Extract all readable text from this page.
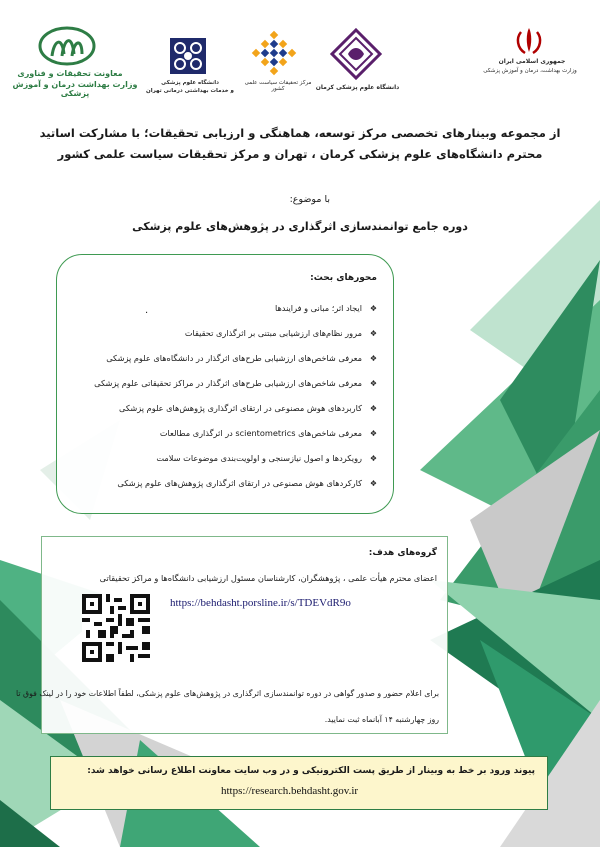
معاونت تحقیقات و فناوری
وزارت بهداشت درمان و آموزش پزشکی
دانشگاه علوم پزشکی
و خدمات بهداشتی درمانی تهران
مرکز تحقیقات سیاست علمی کشور	دانشگاه علوم پزشکی کرمان
جمهوری اسلامی ایران
وزارت بهداشت، درمان و آموزش پزشکی
از مجموعه وبینارهای تخصصی مرکز توسعه، هماهنگی و ارزیابی تحقیقات؛ با مشارکت اساتید
محترم دانشگاه‌های علوم پزشکی کرمان ، تهران و مرکز تحقیقات سیاست علمی کشور
با موضوع:
دوره جامع توانمندسازی اثرگذاری در پژوهش‌های علوم پزشکی
محورهای بحث:
.	❖
ایجاد اثر؛ مبانی و فرایندها
❖
مرور نظام‌های ارزشیابی مبتنی بر اثرگذاری تحقیقات
❖
معرفی شاخص‌های ارزشیابی طرح‌های اثرگذار در دانشگاه‌های علوم پزشکی
❖
معرفی شاخص‌های ارزشیابی طرح‌های اثرگذار در مراکز تحقیقاتی علوم پزشکی
❖
کاربردهای هوش مصنوعی در ارتقای اثرگذاری پژوهش‌های علوم پزشکی
❖
معرفی شاخص‌های scientometrics در اثرگذاری مطالعات
❖
رویکردها و اصول نیازسنجی و اولویت‌بندی موضوعات سلامت
❖
کارکردهای هوش مصنوعی در ارتقای اثرگذاری پژوهش‌های علوم پزشکی
گروه‌های هدف:
اعضای محترم هیأت علمی ، پژوهشگران، کارشناسان مسئول ارزشیابی دانشگاه‌ها و مراکز تحقیقاتی
https://behdasht.porsline.ir/s/TDEVdR9o
برای اعلام حضور و صدور گواهی در دوره توانمندسازی اثرگذاری در پژوهش‌های علوم پزشکی، لطفاً اطلاعات خود را در لینک فوق تا
روز چهارشنبه ۱۴ آبانماه ثبت نمایید.
پیوند ورود بر خط به وبینار از طریق پست الکترونیکی و در وب سایت معاونت اطلاع رسانی خواهد شد:
https://research.behdasht.gov.ir
